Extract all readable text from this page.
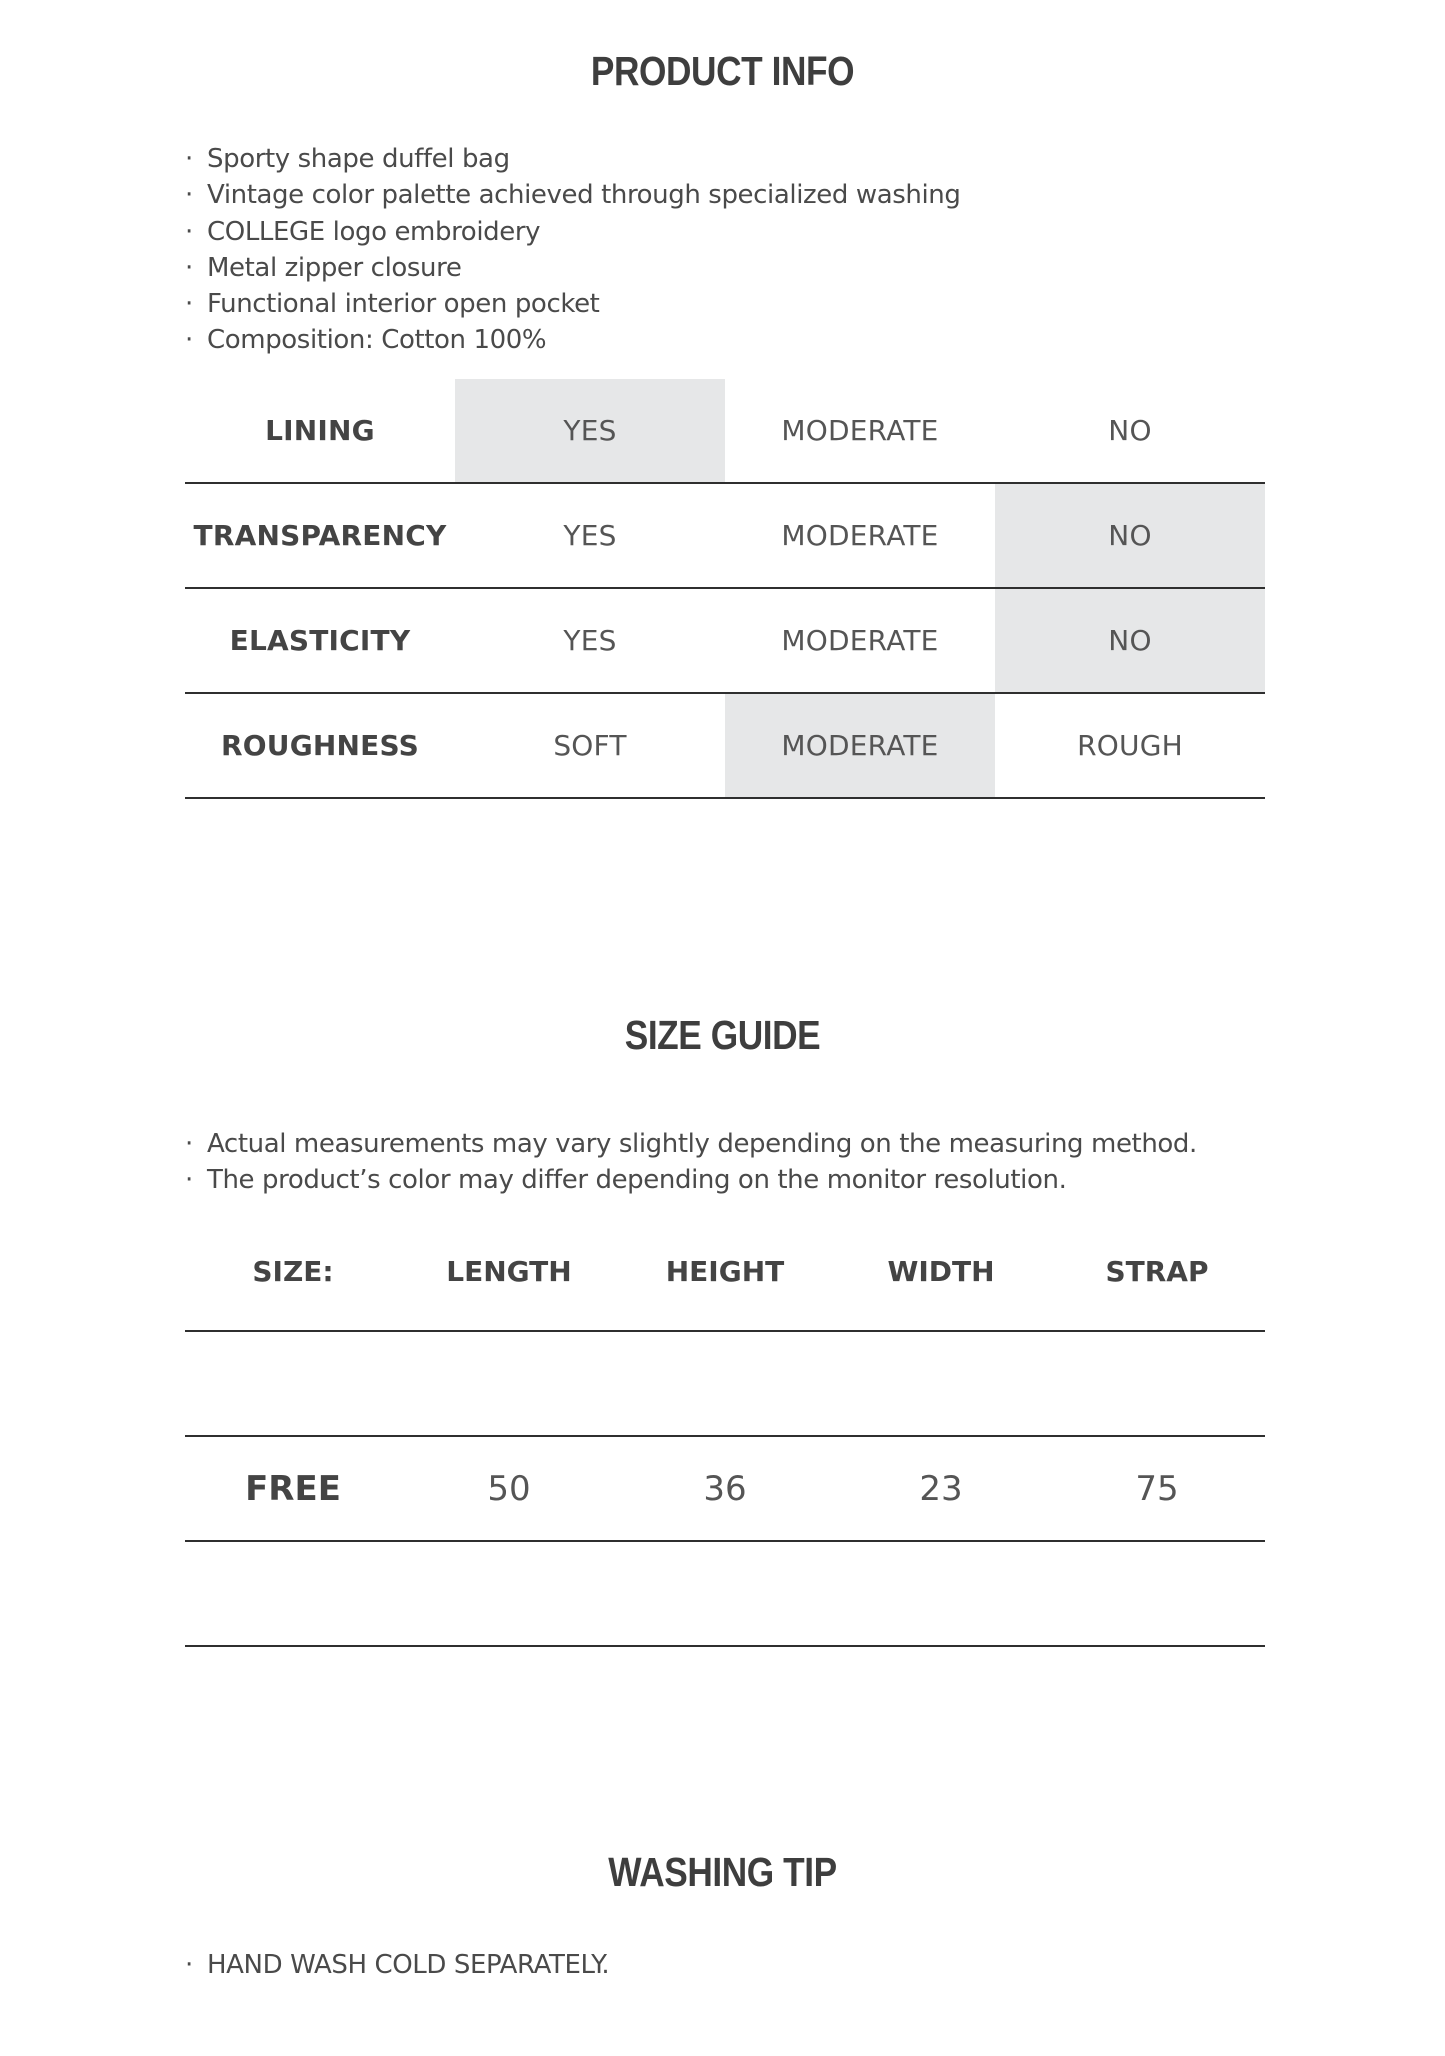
PRODUCT INFO
· Sporty shape duffel bag
· Vintage color palette achieved through specialized washing
· COLLEGE logo embroidery
· Metal zipper closure
· Functional interior open pocket
· Composition: Cotton 100%
LINING	YES	MODERATE	NO
TRANSPARENCY	YES	MODERATE	NO
ELASTICITY	YES	MODERATE	NO
ROUGHNESS	SOFT	MODERATE	ROUGH
SIZE GUIDE
· Actual measurements may vary slightly depending on the measuring method.
· The product’s color may differ depending on the monitor resolution.
SIZE:	LENGTH	HEIGHT	WIDTH	STRAP
FREE	50	36	23	75
WASHING TIP
· HAND WASH COLD SEPARATELY.
